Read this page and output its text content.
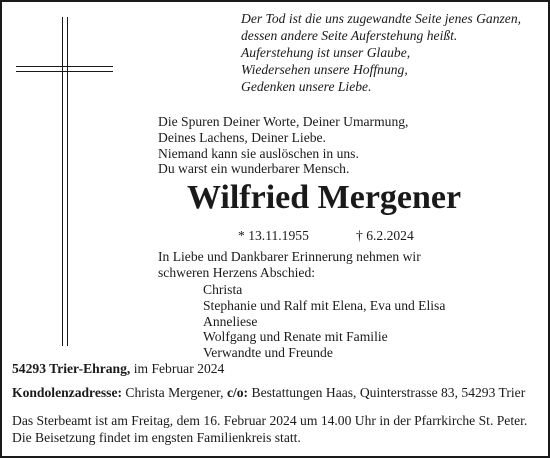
Der Tod ist die uns zugewandte Seite jenes Ganzen,
dessen andere Seite Auferstehung heißt.
Auferstehung ist unser Glaube,
Wiedersehen unsere Hoffnung,
Gedenken unsere Liebe.
Die Spuren Deiner Worte, Deiner Umarmung,
Deines Lachens, Deiner Liebe.
Niemand kann sie auslöschen in uns.
Du warst ein wunderbarer Mensch.
Wilfried Mergener
* 13.11.1955	† 6.2.2024
In Liebe und Dankbarer Erinnerung nehmen wir
schweren Herzens Abschied:
Christa
Stephanie und Ralf mit Elena, Eva und Elisa
Anneliese
Wolfgang und Renate mit Familie
Verwandte und Freunde
54293 Trier-Ehrang, im Februar 2024
Kondolenzadresse: Christa Mergener, c/o: Bestattungen Haas, Quinterstrasse 83, 54293 Trier
Das Sterbeamt ist am Freitag, dem 16. Februar 2024 um 14.00 Uhr in der Pfarrkirche St. Peter.
Die Beisetzung findet im engsten Familienkreis statt.
